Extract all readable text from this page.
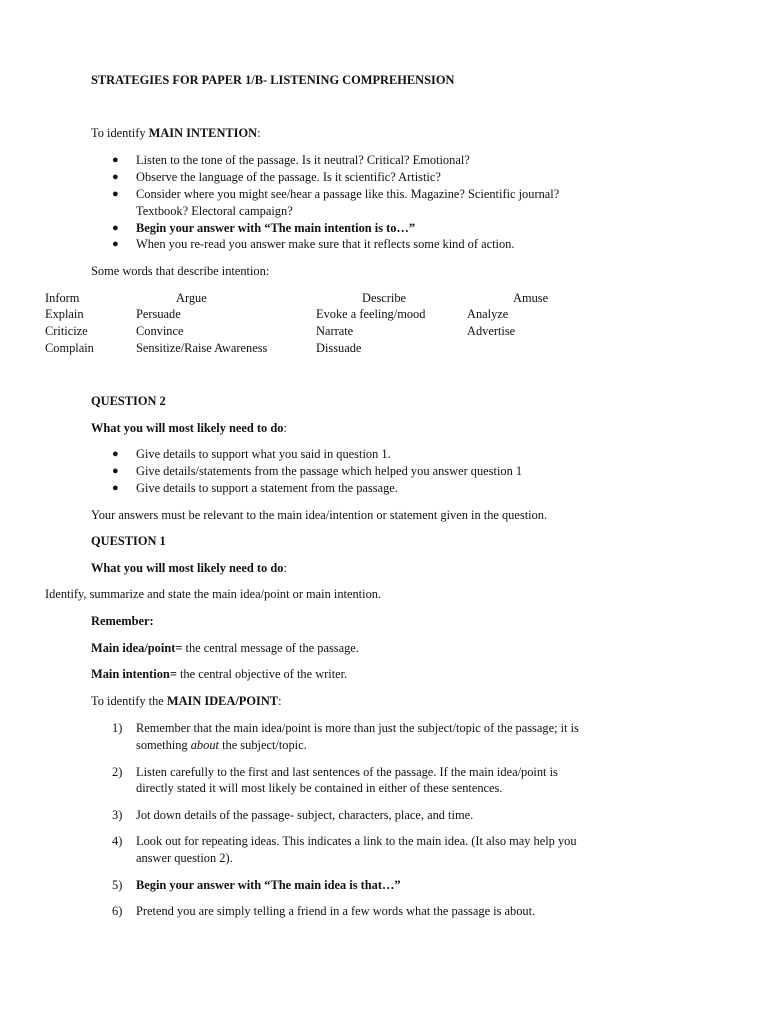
STRATEGIES FOR PAPER 1/B- LISTENING COMPREHENSION
To identify MAIN INTENTION:
● Listen to the tone of the passage. Is it neutral? Critical? Emotional?
● Observe the language of the passage. Is it scientific? Artistic?
● Consider where you might see/hear a passage like this. Magazine? Scientific journal?
Textbook? Electoral campaign?
● Begin your answer with “The main intention is to…”
● When you re-read you answer make sure that it reflects some kind of action.
Some words that describe intention:
Inform	Argue	Describe	Amuse
Explain	Persuade	Evoke a feeling/mood	Analyze
Criticize	Convince	Narrate	Advertise
Complain	Sensitize/Raise Awareness	Dissuade
QUESTION 2
What you will most likely need to do:
● Give details to support what you said in question 1.
● Give details/statements from the passage which helped you answer question 1
● Give details to support a statement from the passage.
Your answers must be relevant to the main idea/intention or statement given in the question.
QUESTION 1
What you will most likely need to do:
Identify, summarize and state the main idea/point or main intention.
Remember:
Main idea/point= the central message of the passage.
Main intention= the central objective of the writer.
To identify the MAIN IDEA/POINT:
1) Remember that the main idea/point is more than just the subject/topic of the passage; it is
something about the subject/topic.
2) Listen carefully to the first and last sentences of the passage. If the main idea/point is
directly stated it will most likely be contained in either of these sentences.
3) Jot down details of the passage- subject, characters, place, and time.
4) Look out for repeating ideas. This indicates a link to the main idea. (It also may help you
answer question 2).
5) Begin your answer with “The main idea is that…”
6) Pretend you are simply telling a friend in a few words what the passage is about.
